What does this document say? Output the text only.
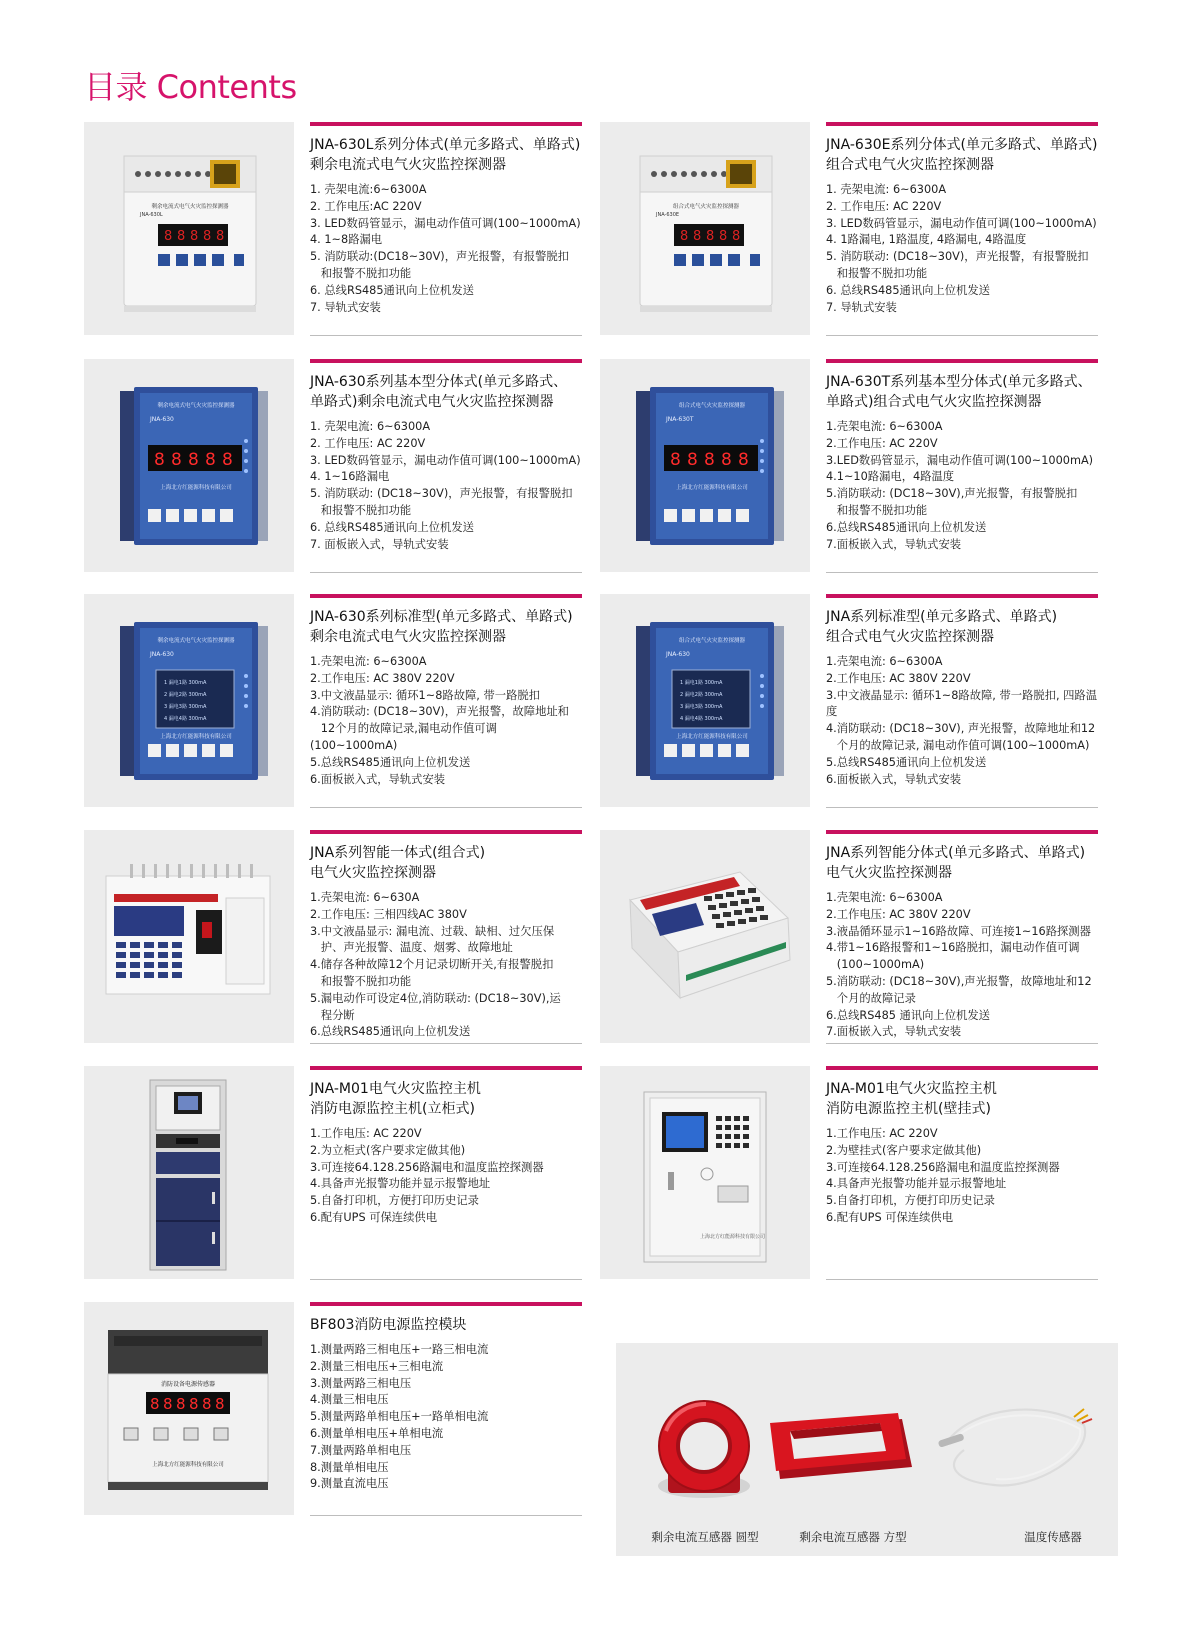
目录 Contents
剩余电流式电气火灾监控探测器
JNA-630L
8 8 8 8 8
JNA-630L系列分体式(单元多路式、单路式)
剩余电流式电气火灾监控探测器
1. 壳架电流:6~6300A
2. 工作电压:AC 220V
3. LED数码管显示，漏电动作值可调(100~1000mA)
4. 1~8路漏电
5. 消防联动:(DC18~30V)，声光报警，有报警脱扣
和报警不脱扣功能
6. 总线RS485通讯向上位机发送
7. 导轨式安装
组合式电气火灾监控探测器
JNA-630E
8 8 8 8 8
JNA-630E系列分体式(单元多路式、单路式)
组合式电气火灾监控探测器
1. 壳架电流: 6~6300A
2. 工作电压: AC 220V
3. LED数码管显示，漏电动作值可调(100~1000mA)
4. 1路漏电, 1路温度, 4路漏电, 4路温度
5. 消防联动: (DC18~30V)，声光报警，有报警脱扣
和报警不脱扣功能
6. 总线RS485通讯向上位机发送
7. 导轨式安装
剩余电流式电气火灾监控探测器
JNA-630
8 8 8 8 8
上海北方红能源科技有限公司
JNA-630系列基本型分体式(单元多路式、
单路式)剩余电流式电气火灾监控探测器
1. 壳架电流: 6~6300A
2. 工作电压: AC 220V
3. LED数码管显示，漏电动作值可调(100~1000mA)
4. 1~16路漏电
5. 消防联动: (DC18~30V)，声光报警，有报警脱扣
和报警不脱扣功能
6. 总线RS485通讯向上位机发送
7. 面板嵌入式，导轨式安装
组合式电气火灾监控探测器
JNA-630T
8 8 8 8 8
上海北方红能源科技有限公司
JNA-630T系列基本型分体式(单元多路式、
单路式)组合式电气火灾监控探测器
1.壳架电流: 6~6300A
2.工作电压: AC 220V
3.LED数码管显示，漏电动作值可调(100~1000mA)
4.1~10路漏电，4路温度
5.消防联动: (DC18~30V),声光报警，有报警脱扣
和报警不脱扣功能
6.总线RS485通讯向上位机发送
7.面板嵌入式，导轨式安装
剩余电流式电气火灾监控探测器
JNA-630
1 漏电1路 300mA
2 漏电2路 300mA
3 漏电3路 300mA
4 漏电4路 300mA
上海北方红能源科技有限公司
JNA-630系列标准型(单元多路式、单路式)
剩余电流式电气火灾监控探测器
1.壳架电流: 6~6300A
2.工作电压: AC 380V 220V
3.中文液晶显示: 循环1~8路故障, 带一路脱扣
4.消防联动: (DC18~30V)，声光报警，故障地址和
12个月的故障记录,漏电动作值可调(100~1000mA)
5.总线RS485通讯向上位机发送
6.面板嵌入式，导轨式安装
组合式电气火灾监控探测器
JNA-630
1 漏电1路 300mA
2 漏电2路 300mA
3 漏电3路 300mA
4 漏电4路 300mA
上海北方红能源科技有限公司
JNA系列标准型(单元多路式、单路式)
组合式电气火灾监控探测器
1.壳架电流: 6~6300A
2.工作电压: AC 380V 220V
3.中文液晶显示: 循环1~8路故障, 带一路脱扣, 四路温度
4.消防联动: (DC18~30V), 声光报警，故障地址和12
个月的故障记录, 漏电动作值可调(100~1000mA)
5.总线RS485通讯向上位机发送
6.面板嵌入式，导轨式安装
JNA系列智能一体式(组合式)
电气火灾监控探测器
1.壳架电流: 6~630A
2.工作电压: 三相四线AC 380V
3.中文液晶显示: 漏电流、过载、缺相、过欠压保
护、声光报警、温度、烟雾、故障地址
4.储存各种故障12个月记录切断开关,有报警脱扣
和报警不脱扣功能
5.漏电动作可设定4位,消防联动: (DC18~30V),运
程分断
6.总线RS485通讯向上位机发送
JNA系列智能分体式(单元多路式、单路式)
电气火灾监控探测器
1.壳架电流: 6~6300A
2.工作电压: AC 380V 220V
3.液晶循环显示1~16路故障、可连接1~16路探测器
4.带1~16路报警和1~16路脱扣，漏电动作值可调
(100~1000mA)
5.消防联动: (DC18~30V),声光报警，故障地址和12
个月的故障记录
6.总线RS485 通讯向上位机发送
7.面板嵌入式，导轨式安装
JNA-M01电气火灾监控主机
消防电源监控主机(立柜式)
1.工作电压: AC 220V
2.为立柜式(客户要求定做其他)
3.可连接64.128.256路漏电和温度监控探测器
4.具备声光报警功能并显示报警地址
5.自备打印机，方便打印历史记录
6.配有UPS 可保连续供电
上海北方红能源科技有限公司
JNA-M01电气火灾监控主机
消防电源监控主机(壁挂式)
1.工作电压: AC 220V
2.为壁挂式(客户要求定做其他)
3.可连接64.128.256路漏电和温度监控探测器
4.具备声光报警功能并显示报警地址
5.自备打印机，方便打印历史记录
6.配有UPS 可保连续供电
消防设备电源传感器
8 8 8 8 8 8
上海北方红能源科技有限公司
BF803消防电源监控模块
1.测量两路三相电压+一路三相电流
2.测量三相电压+三相电流
3.测量两路三相电压
4.测量三相电压
5.测量两路单相电压+一路单相电流
6.测量单相电压+单相电流
7.测量两路单相电压
8.测量单相电压
9.测量直流电压
剩余电流互感器 圆型	剩余电流互感器 方型	温度传感器
